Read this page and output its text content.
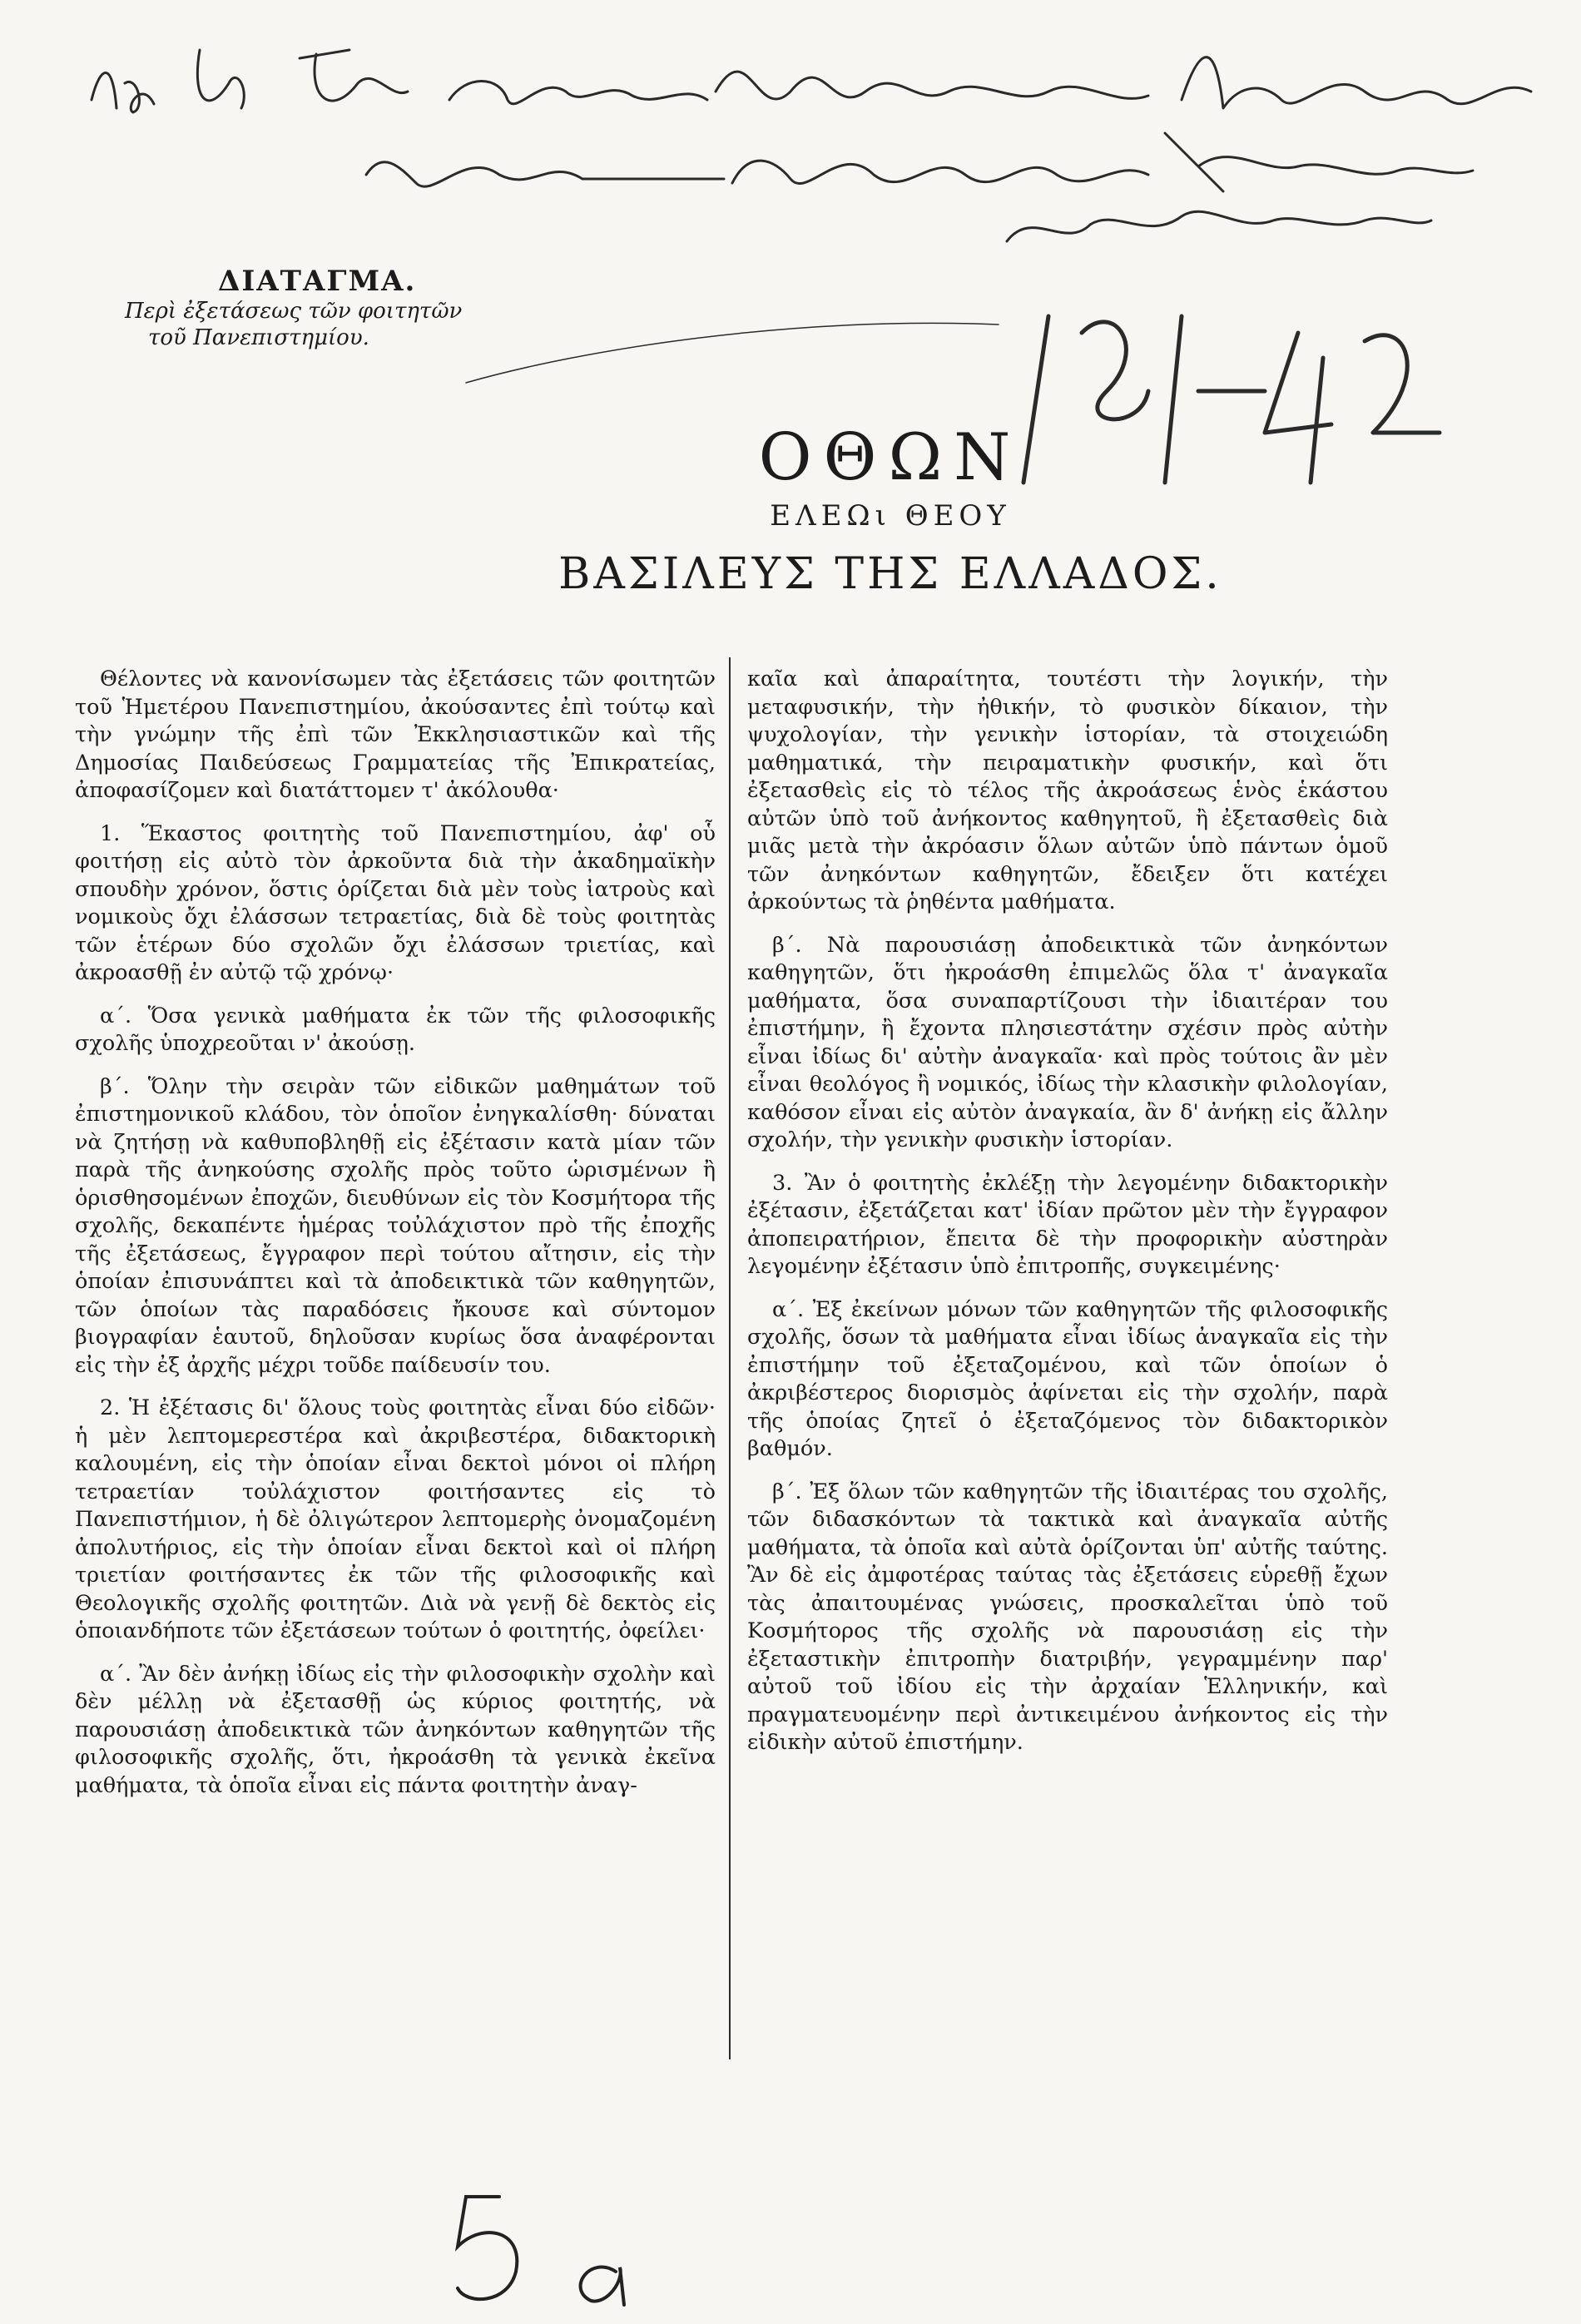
ΔΙΑΤΑΓΜΑ.
Περὶ ἐξετάσεως τῶν φοιτητῶν
τοῦ Πανεπιστημίου.
ΟΘΩΝ
ΕΛΕΩι ΘΕΟΥ
ΒΑΣΙΛΕΥΣ ΤΗΣ ΕΛΛΑΔΟΣ.

Θέλοντες νὰ κανονίσωμεν τὰς ἐξετάσεις τῶν φοιτητῶν τοῦ Ἡμετέρου Πανεπιστημίου, ἀκούσαντες ἐπὶ τούτῳ καὶ τὴν γνώμην τῆς ἐπὶ τῶν Ἐκκλησιαστικῶν καὶ τῆς Δημοσίας Παιδεύσεως Γραμματείας τῆς Ἐπικρατείας, ἀποφασίζομεν καὶ διατάττομεν τ' ἀκόλουθα·

1. Ἕκαστος φοιτητὴς τοῦ Πανεπιστημίου, ἀφ' οὗ φοιτήσῃ εἰς αὐτὸ τὸν ἀρκοῦντα διὰ τὴν ἀκαδημαϊκὴν σπουδὴν χρόνον, ὅστις ὁρίζεται διὰ μὲν τοὺς ἰατροὺς καὶ νομικοὺς ὄχι ἐλάσσων τετραετίας, διὰ δὲ τοὺς φοιτητὰς τῶν ἑτέρων δύο σχολῶν ὄχι ἐλάσσων τριετίας, καὶ ἀκροασθῇ ἐν αὐτῷ τῷ χρόνῳ·

α΄. Ὅσα γενικὰ μαθήματα ἐκ τῶν τῆς φιλοσοφικῆς σχολῆς ὑποχρεοῦται ν' ἀκούσῃ.

β΄. Ὅλην τὴν σειρὰν τῶν εἰδικῶν μαθημάτων τοῦ ἐπιστημονικοῦ κλάδου, τὸν ὁποῖον ἐνηγκαλίσθη· δύναται νὰ ζητήσῃ νὰ καθυποβληθῇ εἰς ἐξέτασιν κατὰ μίαν τῶν παρὰ τῆς ἀνηκούσης σχολῆς πρὸς τοῦτο ὡρισμένων ἢ ὁρισθησομένων ἐποχῶν, διευθύνων εἰς τὸν Κοσμήτορα τῆς σχολῆς, δεκαπέντε ἡμέρας τοὐλάχιστον πρὸ τῆς ἐποχῆς τῆς ἐξετάσεως, ἔγγραφον περὶ τούτου αἴτησιν, εἰς τὴν ὁποίαν ἐπισυνάπτει καὶ τὰ ἀποδεικτικὰ τῶν καθηγητῶν, τῶν ὁποίων τὰς παραδόσεις ἤκουσε καὶ σύντομον βιογραφίαν ἑαυτοῦ, δηλοῦσαν κυρίως ὅσα ἀναφέρονται εἰς τὴν ἐξ ἀρχῆς μέχρι τοῦδε παίδευσίν του.

2. Ἡ ἐξέτασις δι' ὅλους τοὺς φοιτητὰς εἶναι δύο εἰδῶν· ἡ μὲν λεπτομερεστέρα καὶ ἀκριβεστέρα, διδακτορικὴ καλουμένη, εἰς τὴν ὁποίαν εἶναι δεκτοὶ μόνοι οἱ πλήρη τετραετίαν τοὐλάχιστον φοιτήσαντες εἰς τὸ Πανεπιστήμιον, ἡ δὲ ὀλιγώτερον λεπτομερὴς ὀνομαζομένη ἀπολυτήριος, εἰς τὴν ὁποίαν εἶναι δεκτοὶ καὶ οἱ πλήρη τριετίαν φοιτήσαντες ἐκ τῶν τῆς φιλοσοφικῆς καὶ Θεολογικῆς σχολῆς φοιτητῶν. Διὰ νὰ γενῇ δὲ δεκτὸς εἰς ὁποιανδήποτε τῶν ἐξετάσεων τούτων ὁ φοιτητής, ὀφείλει·

α΄. Ἂν δὲν ἀνήκῃ ἰδίως εἰς τὴν φιλοσοφικὴν σχολὴν καὶ δὲν μέλλῃ νὰ ἐξετασθῇ ὡς κύριος φοιτητής, νὰ παρουσιάσῃ ἀποδεικτικὰ τῶν ἀνηκόντων καθηγητῶν τῆς φιλοσοφικῆς σχολῆς, ὅτι, ἠκροάσθη τὰ γενικὰ ἐκεῖνα μαθήματα, τὰ ὁποῖα εἶναι εἰς πάντα φοιτητὴν ἀναγ-

καῖα καὶ ἀπαραίτητα, τουτέστι τὴν λογικήν, τὴν μεταφυσικήν, τὴν ἠθικήν, τὸ φυσικὸν δίκαιον, τὴν ψυχολογίαν, τὴν γενικὴν ἱστορίαν, τὰ στοιχειώδη μαθηματικά, τὴν πειραματικὴν φυσικήν, καὶ ὅτι ἐξετασθεὶς εἰς τὸ τέλος τῆς ἀκροάσεως ἑνὸς ἑκάστου αὐτῶν ὑπὸ τοῦ ἀνήκοντος καθηγητοῦ, ἢ ἐξετασθεὶς διὰ μιᾶς μετὰ τὴν ἀκρόασιν ὅλων αὐτῶν ὑπὸ πάντων ὁμοῦ τῶν ἀνηκόντων καθηγητῶν, ἔδειξεν ὅτι κατέχει ἀρκούντως τὰ ῥηθέντα μαθήματα.

β΄. Νὰ παρουσιάσῃ ἀποδεικτικὰ τῶν ἀνηκόντων καθηγητῶν, ὅτι ἠκροάσθη ἐπιμελῶς ὅλα τ' ἀναγκαῖα μαθήματα, ὅσα συναπαρτίζουσι τὴν ἰδιαιτέραν του ἐπιστήμην, ἢ ἔχοντα πλησιεστάτην σχέσιν πρὸς αὐτὴν εἶναι ἰδίως δι' αὐτὴν ἀναγκαῖα· καὶ πρὸς τούτοις ἂν μὲν εἶναι θεολόγος ἢ νομικός, ἰδίως τὴν κλασικὴν φιλολογίαν, καθόσον εἶναι εἰς αὐτὸν ἀναγκαία, ἂν δ' ἀνήκῃ εἰς ἄλλην σχολήν, τὴν γενικὴν φυσικὴν ἱστορίαν.

3. Ἂν ὁ φοιτητὴς ἐκλέξῃ τὴν λεγομένην διδακτορικὴν ἐξέτασιν, ἐξετάζεται κατ' ἰδίαν πρῶτον μὲν τὴν ἔγγραφον ἀποπειρατήριον, ἔπειτα δὲ τὴν προφορικὴν αὐστηρὰν λεγομένην ἐξέτασιν ὑπὸ ἐπιτροπῆς, συγκειμένης·

α΄. Ἐξ ἐκείνων μόνων τῶν καθηγητῶν τῆς φιλοσοφικῆς σχολῆς, ὅσων τὰ μαθήματα εἶναι ἰδίως ἀναγκαῖα εἰς τὴν ἐπιστήμην τοῦ ἐξεταζομένου, καὶ τῶν ὁποίων ὁ ἀκριβέστερος διορισμὸς ἀφίνεται εἰς τὴν σχολήν, παρὰ τῆς ὁποίας ζητεῖ ὁ ἐξεταζόμενος τὸν διδακτορικὸν βαθμόν.

β΄. Ἐξ ὅλων τῶν καθηγητῶν τῆς ἰδιαιτέρας του σχολῆς, τῶν διδασκόντων τὰ τακτικὰ καὶ ἀναγκαῖα αὐτῆς μαθήματα, τὰ ὁποῖα καὶ αὐτὰ ὁρίζονται ὑπ' αὐτῆς ταύτης. Ἂν δὲ εἰς ἀμφοτέρας ταύτας τὰς ἐξετάσεις εὑρεθῇ ἔχων τὰς ἀπαιτουμένας γνώσεις, προσκαλεῖται ὑπὸ τοῦ Κοσμήτορος τῆς σχολῆς νὰ παρουσιάσῃ εἰς τὴν ἐξεταστικὴν ἐπιτροπὴν διατριβήν, γεγραμμένην παρ' αὐτοῦ τοῦ ἰδίου εἰς τὴν ἀρχαίαν Ἑλληνικήν, καὶ πραγματευομένην περὶ ἀντικειμένου ἀνήκοντος εἰς τὴν εἰδικὴν αὐτοῦ ἐπιστήμην.
